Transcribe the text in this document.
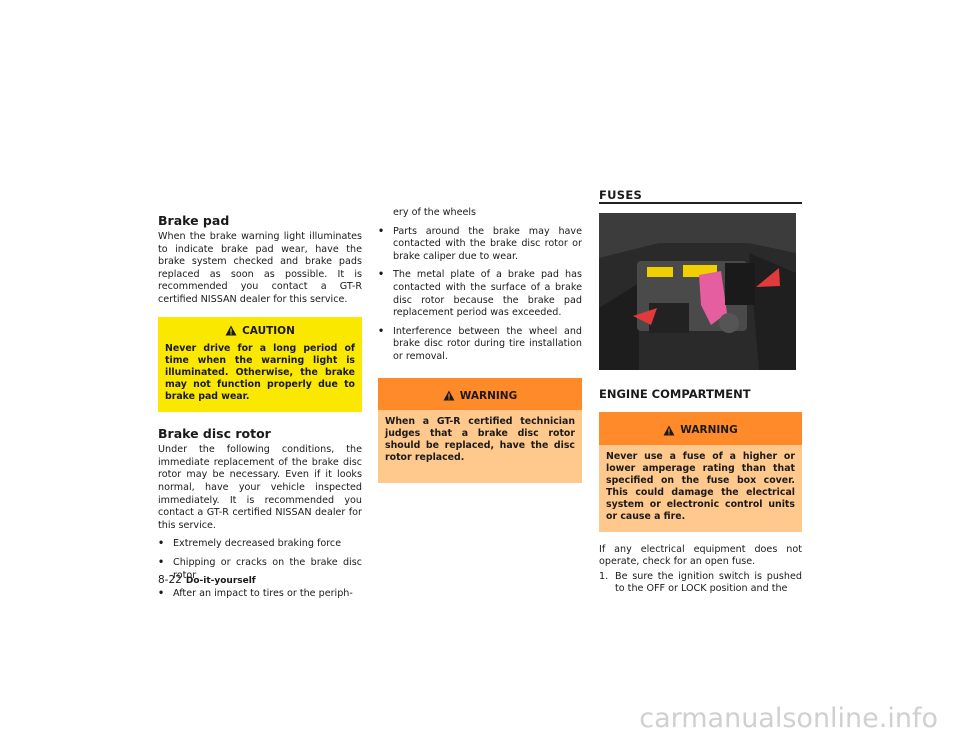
Brake pad

When the brake warning light illuminates to indicate brake pad wear, have the brake system checked and brake pads replaced as soon as possible. It is recommended you contact a GT-R certified NISSAN dealer for this service.

CAUTION
Never drive for a long period of time when the warning light is illuminated. Otherwise, the brake may not function properly due to brake pad wear.
Brake disc rotor

Under the following conditions, the immediate replacement of the brake disc rotor may be necessary. Even if it looks normal, have your vehicle inspected immediately. It is recommended you contact a GT-R certified NISSAN dealer for this service.

• Extremely decreased braking force
• Chipping or cracks on the brake disc rotor
• After an impact to tires or the periph-

ery of the wheels

• Parts around the brake may have contacted with the brake disc rotor or brake caliper due to wear.
• The metal plate of a brake pad has contacted with the surface of a brake disc rotor because the brake pad replacement period was exceeded.
• Interference between the wheel and brake disc rotor during tire installation or removal.
WARNING
When a GT-R certified technician judges that a brake disc rotor should be replaced, have the disc rotor replaced.
FUSES
ENGINE COMPARTMENT
WARNING
Never use a fuse of a higher or lower amperage rating than that specified on the fuse box cover. This could damage the electrical system or electronic control units or cause a fire.

If any electrical equipment does not operate, check for an open fuse.

1. Be sure the ignition switch is pushed to the OFF or LOCK position and the
8-22 Do-it-yourself
carmanualsonline.info
